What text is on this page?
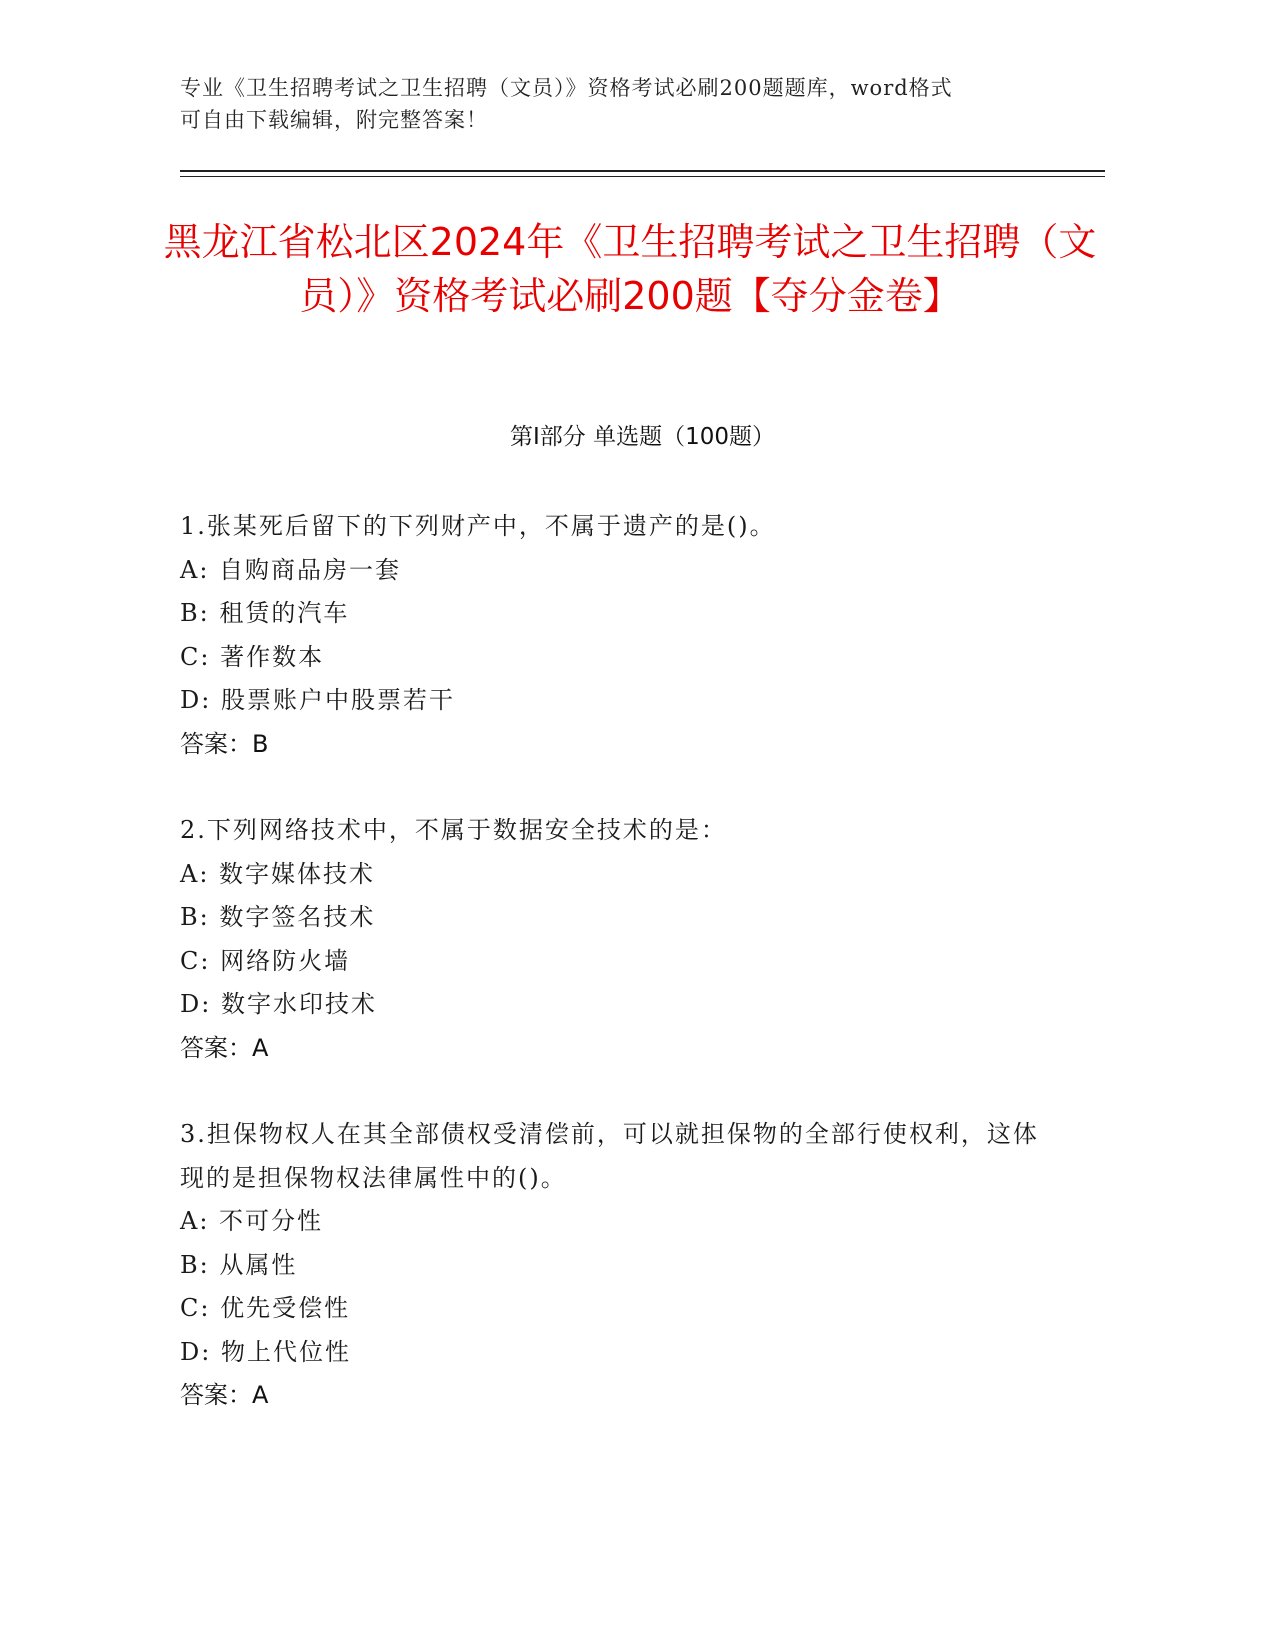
专业《卫生招聘考试之卫生招聘（文员）》资格考试必刷200题题库，word格式
可自由下载编辑，附完整答案！
黑龙江省松北区2024年《卫生招聘考试之卫生招聘（文员）》资格考试必刷200题【夺分金卷】
第I部分 单选题（100题）
1.张某死后留下的下列财产中，不属于遗产的是()。
A: 自购商品房一套
B: 租赁的汽车
C: 著作数本
D: 股票账户中股票若干
答案：B
2.下列网络技术中，不属于数据安全技术的是：
A: 数字媒体技术
B: 数字签名技术
C: 网络防火墙
D: 数字水印技术
答案：A
3.担保物权人在其全部债权受清偿前，可以就担保物的全部行使权利，这体现的是担保物权法律属性中的()。
A: 不可分性
B: 从属性
C: 优先受偿性
D: 物上代位性
答案：A
